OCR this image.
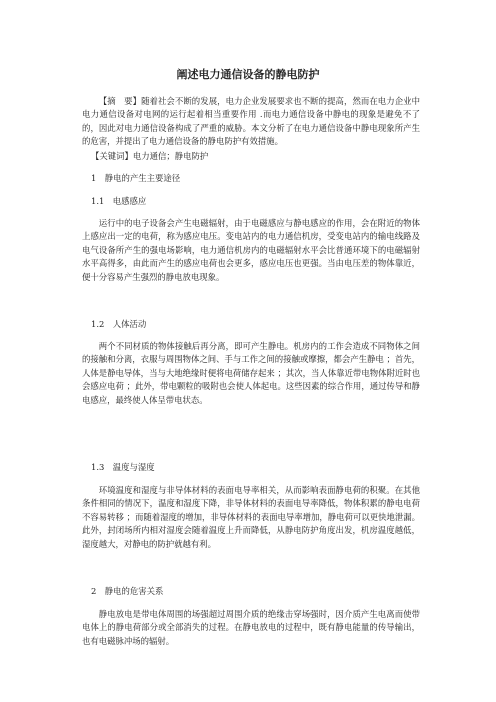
阐述电力通信设备的静电防护
【摘　要】随着社会不断的发展，电力企业发展要求也不断的提高，然而在电力企业中电力通信设备对电网的运行起着相当重要作用 .而电力通信设备中静电的现象是避免不了的，因此对电力通信设备构成了严重的威胁。本文分析了在电力通信设备中静电现象所产生的危害，并提出了电力通信设备的静电防护有效措施。
【关键词】电力通信；静电防护
1　静电的产生主要途径
1.1　电感感应
运行中的电子设备会产生电磁辐射，由于电磁感应与静电感应的作用，会在附近的物体上感应出一定的电荷，称为感应电压。变电站内的电力通信机房，受变电站内的输电线路及电气设备所产生的强电场影响，电力通信机房内的电磁辐射水平会比普通环境下的电磁辐射水平高得多，由此而产生的感应电荷也会更多，感应电压也更强。当由电压差的物体靠近，便十分容易产生强烈的静电放电现象。
1.2　人体活动
两个不同材质的物体接触后再分离，即可产生静电。机房内的工作会造成不同物体之间的接触和分离，衣服与周围物体之间、手与工作之间的接触或摩擦，都会产生静电 ；首先，人体是静电导体，当与大地绝缘时便将电荷储存起来 ；其次，当人体靠近带电物体附近时也会感应电荷 ；此外，带电颗粒的吸附也会使人体起电。这些因素的综合作用，通过传导和静电感应，最终使人体呈带电状态。
1.3　温度与湿度
环境温度和湿度与非导体材料的表面电导率相关，从而影响表面静电荷的积聚。在其他条件相同的情况下，温度和湿度下降，非导体材料的表面电导率降低，物体积累的静电电荷不容易转移 ；而随着湿度的增加，非导体材料的表面电导率增加，静电荷可以更快地泄漏。此外，封闭场所内相对湿度会随着温度上升而降低，从静电防护角度出发，机房温度越低，湿度越大，对静电的防护就越有利。
2　静电的危害关系
静电放电是带电体周围的场强超过周围介质的绝缘击穿场强时，因介质产生电离而使带电体上的静电荷部分或全部消失的过程。在静电放电的过程中，既有静电能量的传导输出，也有电磁脉冲场的辐射。
